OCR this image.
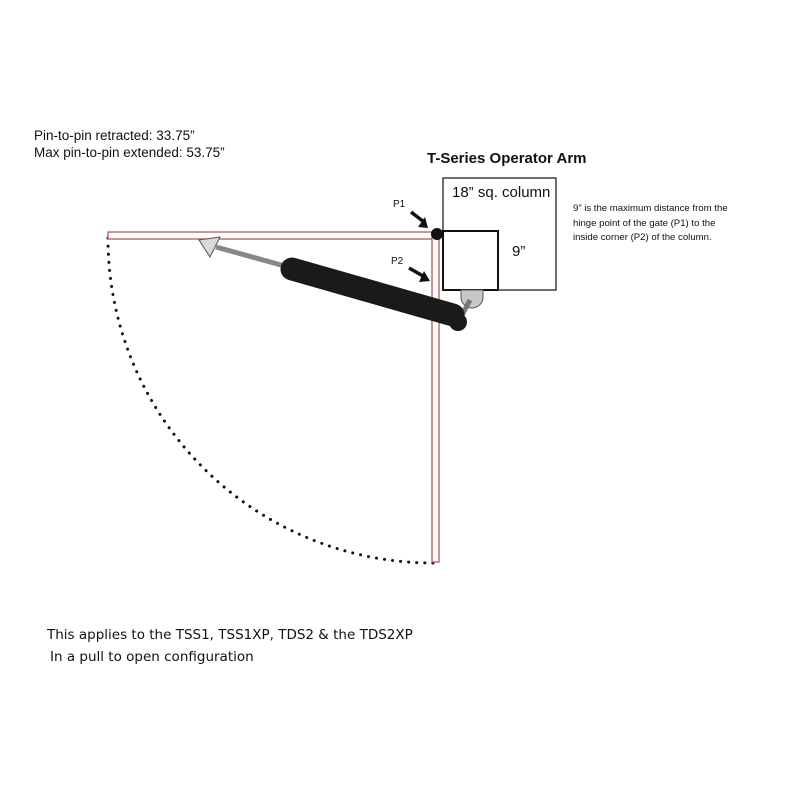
Pin-to-pin retracted: 33.75”

Max pin-to-pin extended: 53.75”	T-Series Operator Arm

18” sq. column

9”

P1

P2

9” is the maximum distance from the hinge point of the gate (P1) to the inside corner (P2) of the column.

This applies to the TSS1, TSS1XP, TDS2 & the TDS2XP

In a pull to open configuration
